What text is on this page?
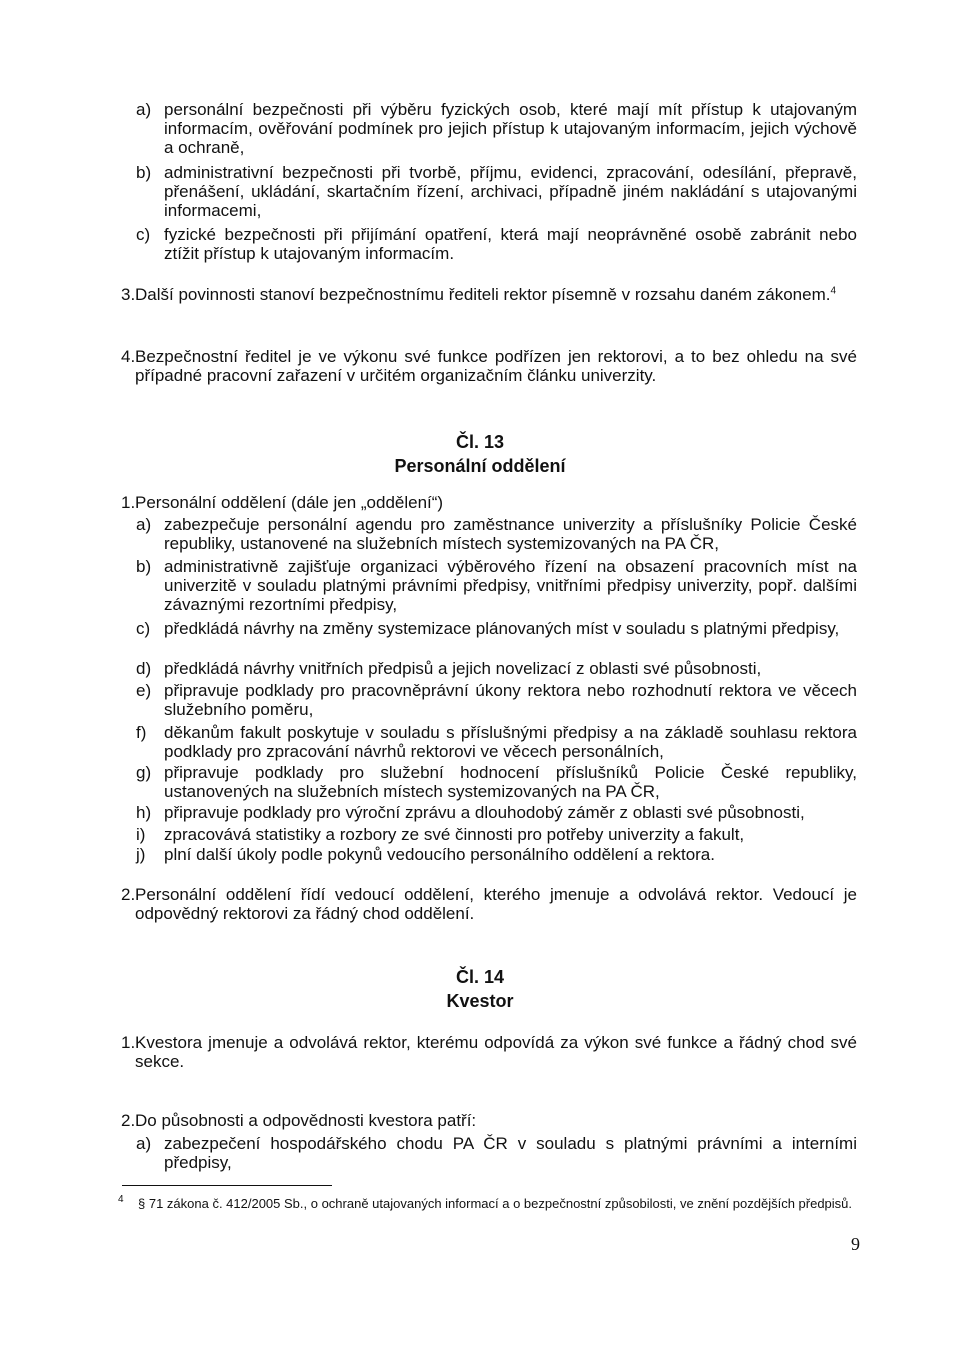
a) personální bezpečnosti při výběru fyzických osob, které mají mít přístup k utajovaným informacím, ověřování podmínek pro jejich přístup k utajovaným informacím, jejich výchově a ochraně,
b) administrativní bezpečnosti při tvorbě, příjmu, evidenci, zpracování, odesílání, přepravě, přenášení, ukládání, skartačním řízení, archivaci, případně jiném nakládání s utajovanými informacemi,
c) fyzické bezpečnosti při přijímání opatření, která mají neoprávněné osobě zabránit nebo ztížit přístup k utajovaným informacím.
3. Další povinnosti stanoví bezpečnostnímu řediteli rektor písemně v rozsahu daném zákonem.$^4$
4. Bezpečnostní ředitel je ve výkonu své funkce podřízen jen rektorovi, a to bez ohledu na své případné pracovní zařazení v určitém organizačním článku univerzity.
Čl. 13
Personální oddělení
1. Personální oddělení (dále jen „oddělení“)
a) zabezpečuje personální agendu pro zaměstnance univerzity a příslušníky Policie České republiky, ustanovené na služebních místech systemizovaných na PA ČR,
b) administrativně zajišťuje organizaci výběrového řízení na obsazení pracovních míst na univerzitě v souladu platnými právními předpisy, vnitřními předpisy univerzity, popř. dalšími závaznými rezortními předpisy,
c) předkládá návrhy na změny systemizace plánovaných míst v souladu s platnými předpisy,
d) předkládá návrhy vnitřních předpisů a jejich novelizací z oblasti své působnosti,
e) připravuje podklady pro pracovněprávní úkony rektora nebo rozhodnutí rektora ve věcech služebního poměru,
f)	děkanům fakult poskytuje v souladu s příslušnými předpisy a na základě souhlasu rektora podklady pro zpracování návrhů rektorovi ve věcech personálních,
g) připravuje podklady pro služební hodnocení příslušníků Policie České republiky, ustanovených na služebních místech systemizovaných na PA ČR,
h) připravuje podklady pro výroční zprávu a dlouhodobý záměr z oblasti své působnosti,
i)	zpracovává statistiky a rozbory ze své činnosti pro potřeby univerzity a fakult,
j)	plní další úkoly podle pokynů vedoucího personálního oddělení a rektora.
2. Personální oddělení řídí vedoucí oddělení, kterého jmenuje a odvolává rektor. Vedoucí je odpovědný rektorovi za řádný chod oddělení.
Čl. 14
Kvestor
1. Kvestora jmenuje a odvolává rektor, kterému odpovídá za výkon své funkce a řádný chod své sekce.
2. Do působnosti a odpovědnosti kvestora patří:
a) zabezpečení hospodářského chodu PA ČR v souladu s platnými právními a interními předpisy,
4 § 71 zákona č. 412/2005 Sb., o ochraně utajovaných informací a o bezpečnostní způsobilosti, ve znění pozdějších předpisů.
9
